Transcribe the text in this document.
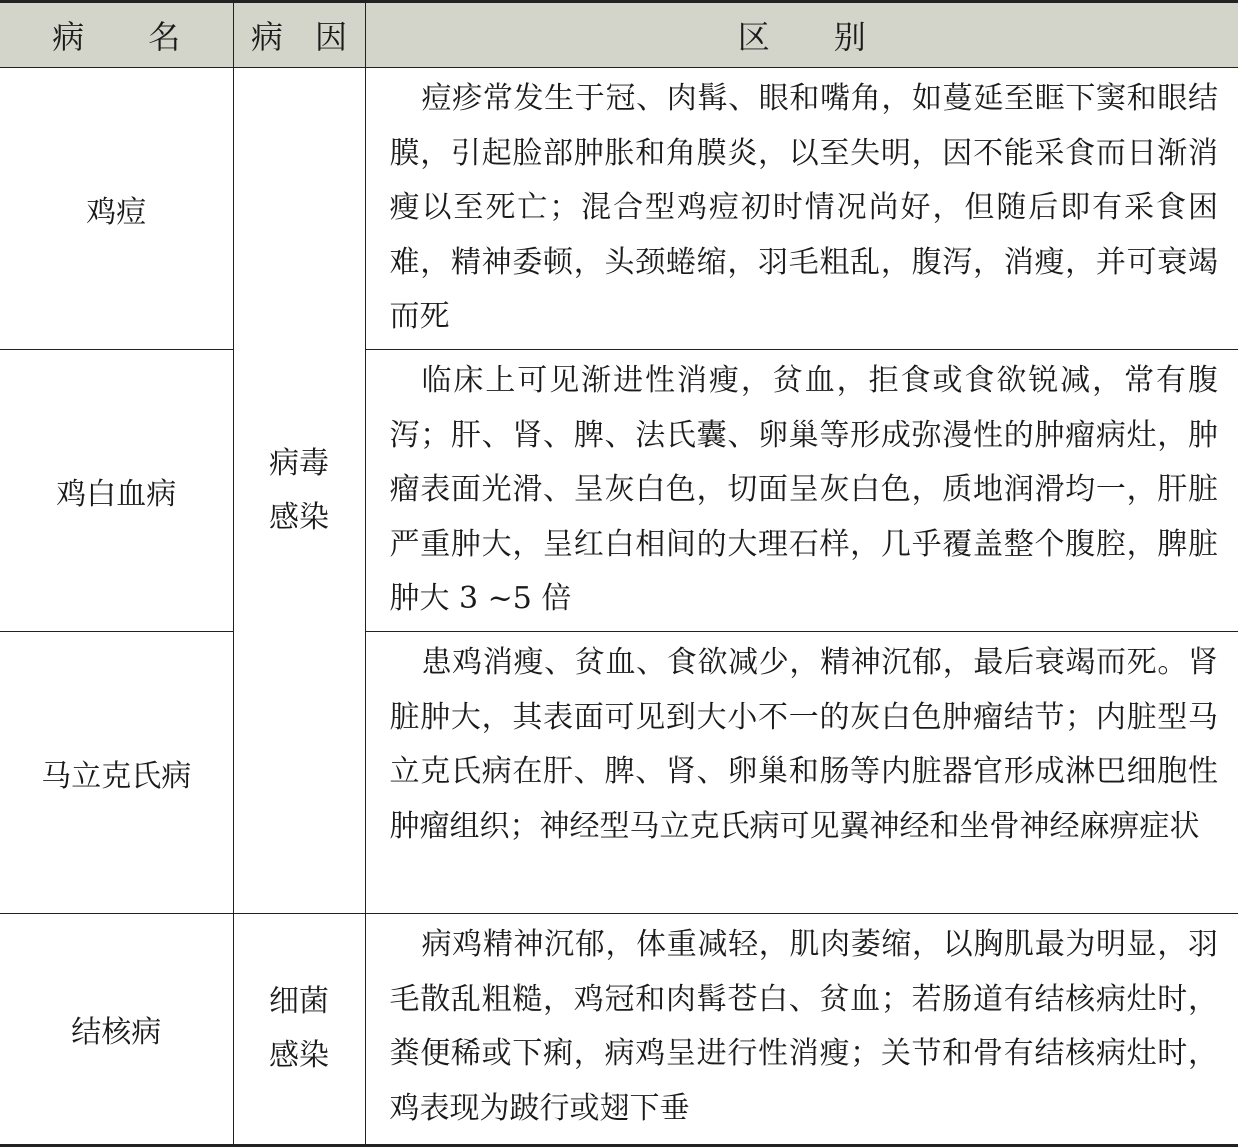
病　　名	病　因	区　　别
鸡痘	病毒感染	痘疹常发生于冠、肉髯、眼和嘴角，如蔓延至眶下窦和眼结膜，引起脸部肿胀和角膜炎，以至失明，因不能采食而日渐消瘦以至死亡；混合型鸡痘初时情况尚好，但随后即有采食困难，精神委顿，头颈蜷缩，羽毛粗乱，腹泻，消瘦，并可衰竭而死

鸡白血病		临床上可见渐进性消瘦，贫血，拒食或食欲锐减，常有腹泻；肝、肾、脾、法氏囊、卵巢等形成弥漫性的肿瘤病灶，肿瘤表面光滑、呈灰白色，切面呈灰白色，质地润滑均一，肝脏严重肿大，呈红白相间的大理石样，几乎覆盖整个腹腔，脾脏肿大 3 ~5 倍

马立克氏病		患鸡消瘦、贫血、食欲减少，精神沉郁，最后衰竭而死。肾脏肿大，其表面可见到大小不一的灰白色肿瘤结节；内脏型马立克氏病在肝、脾、肾、卵巢和肠等内脏器官形成淋巴细胞性肿瘤组织；神经型马立克氏病可见翼神经和坐骨神经麻痹症状

结核病	细菌感染	病鸡精神沉郁，体重减轻，肌肉萎缩，以胸肌最为明显，羽毛散乱粗糙，鸡冠和肉髯苍白、贫血；若肠道有结核病灶时，粪便稀或下痢，病鸡呈进行性消瘦；关节和骨有结核病灶时，鸡表现为跛行或翅下垂
